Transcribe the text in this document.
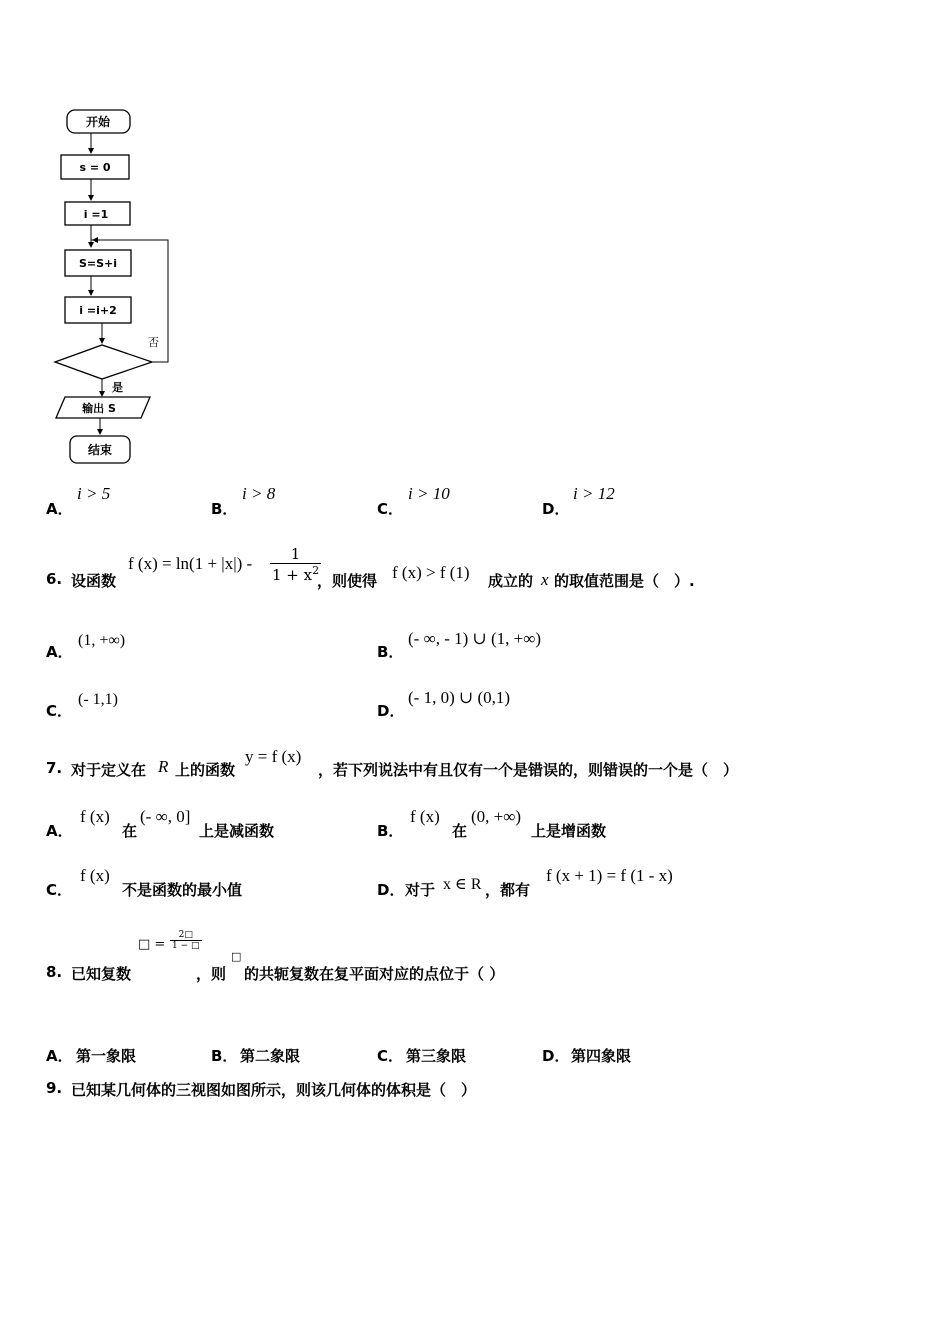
开始
s = 0
i =1
S=S+i
i =i+2
否
是
输出 S
结束
A．
i > 5
B．
i > 8
C．
i > 10
D．
i > 12
6. 设函数
f $(x) = \ln(1 + |x|) - \frac{1}{1 + x^2}$
，则使得 f (x) > f (1) 成立的 x 的取值范围是（　）.
A．
(1, +∞)
B．
(- ∞, - 1) ∪ (1, +∞)
C．
(- 1,1)
D．
(- 1, 0) ∪ (0,1)
7. 对于定义在 R 上的函数
y = f (x)
，若下列说法中有且仅有一个是错误的，则错误的一个是（　）
A．
f (x)
在
(- ∞, 0]
上是减函数	B．
f (x)
在
(0, +∞)
上是增函数
C．
f (x)
不是函数的最小值	D． 对于 x ∈ R ，都有
f (x + 1) = f (1 - x)
8. 已知复数
□ = $\frac{2□}{1 - □}$
，则
□
的共轭复数在复平面对应的点位于（ ）
A． 第一象限	B． 第二象限	C． 第三象限	D． 第四象限
9. 已知某几何体的三视图如图所示，则该几何体的体积是（　）
